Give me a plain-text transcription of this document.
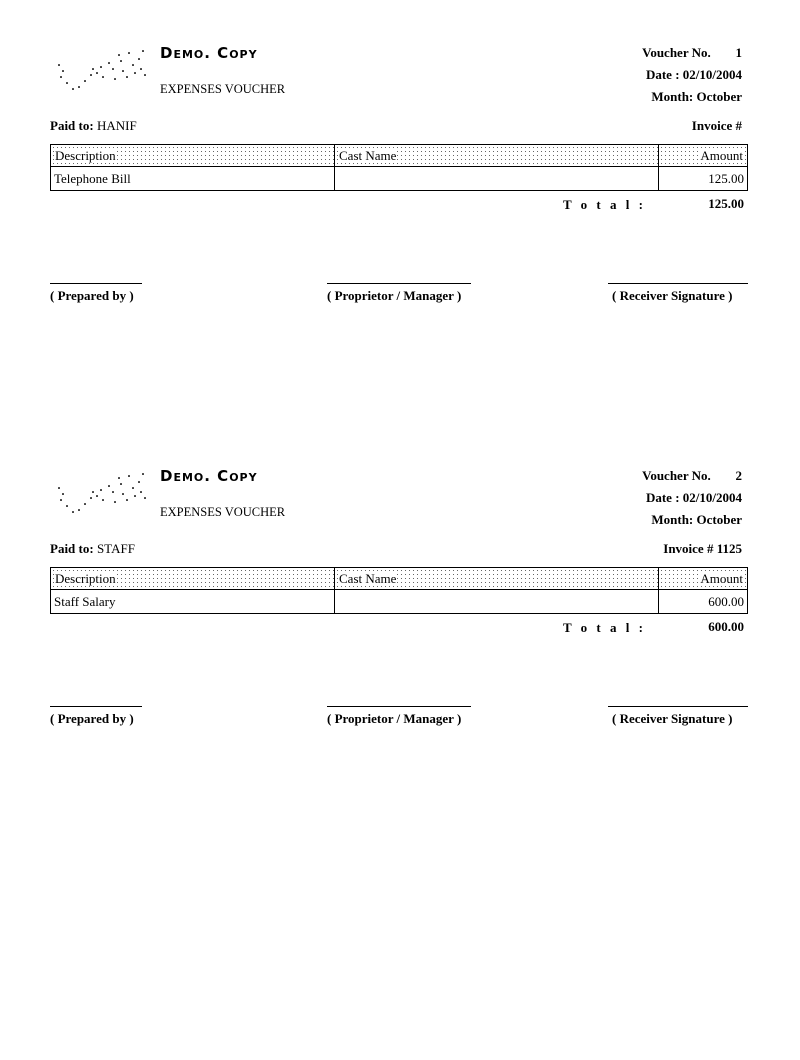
Demo. Copy
EXPENSES VOUCHER
Voucher No. 1
Date : 02/10/2004
Month: October
Paid to: HANIF	Invoice #
Description	Cast Name	Amount
Telephone Bill		125.00
T o t a l :	125.00
( Prepared by )	( Proprietor / Manager )	( Receiver Signature )
Demo. Copy
EXPENSES VOUCHER
Voucher No. 2
Date : 02/10/2004
Month: October
Paid to: STAFF	Invoice # 1125
Description	Cast Name	Amount
Staff Salary		600.00
T o t a l :	600.00
( Prepared by )	( Proprietor / Manager )	( Receiver Signature )
